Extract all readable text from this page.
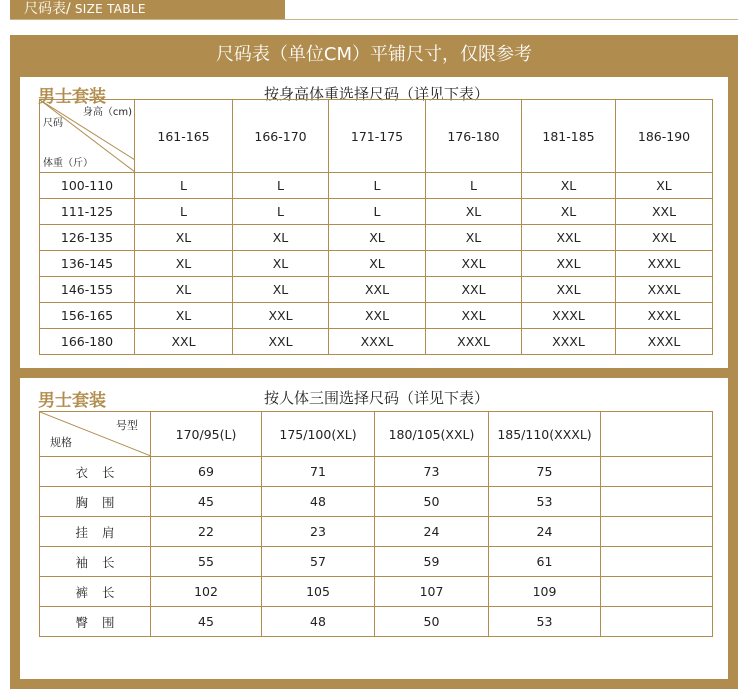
尺码表/ SIZE TABLE
尺码表（单位CM）平铺尺寸，仅限参考
男士套装	按身高体重选择尺码（详见下表）
身高（cm)
尺码
体重（斤）	161-165	166-170	171-175	176-180	181-185	186-190
100-110	L	L	L	L	XL	XL
111-125	L	L	L	XL	XL	XXL
126-135	XL	XL	XL	XL	XXL	XXL
136-145	XL	XL	XL	XXL	XXL	XXXL
146-155	XL	XL	XXL	XXL	XXL	XXXL
156-165	XL	XXL	XXL	XXL	XXXL	XXXL
166-180	XXL	XXL	XXXL	XXXL	XXXL	XXXL
男士套装	按人体三围选择尺码（详见下表）
号型
规格	170/95(L)	175/100(XL)	180/105(XXL)	185/110(XXXL)	
衣长	69	71	73	75	
胸围	45	48	50	53	
挂肩	22	23	24	24	
袖长	55	57	59	61	
裤长	102	105	107	109	
臀围	45	48	50	53	
